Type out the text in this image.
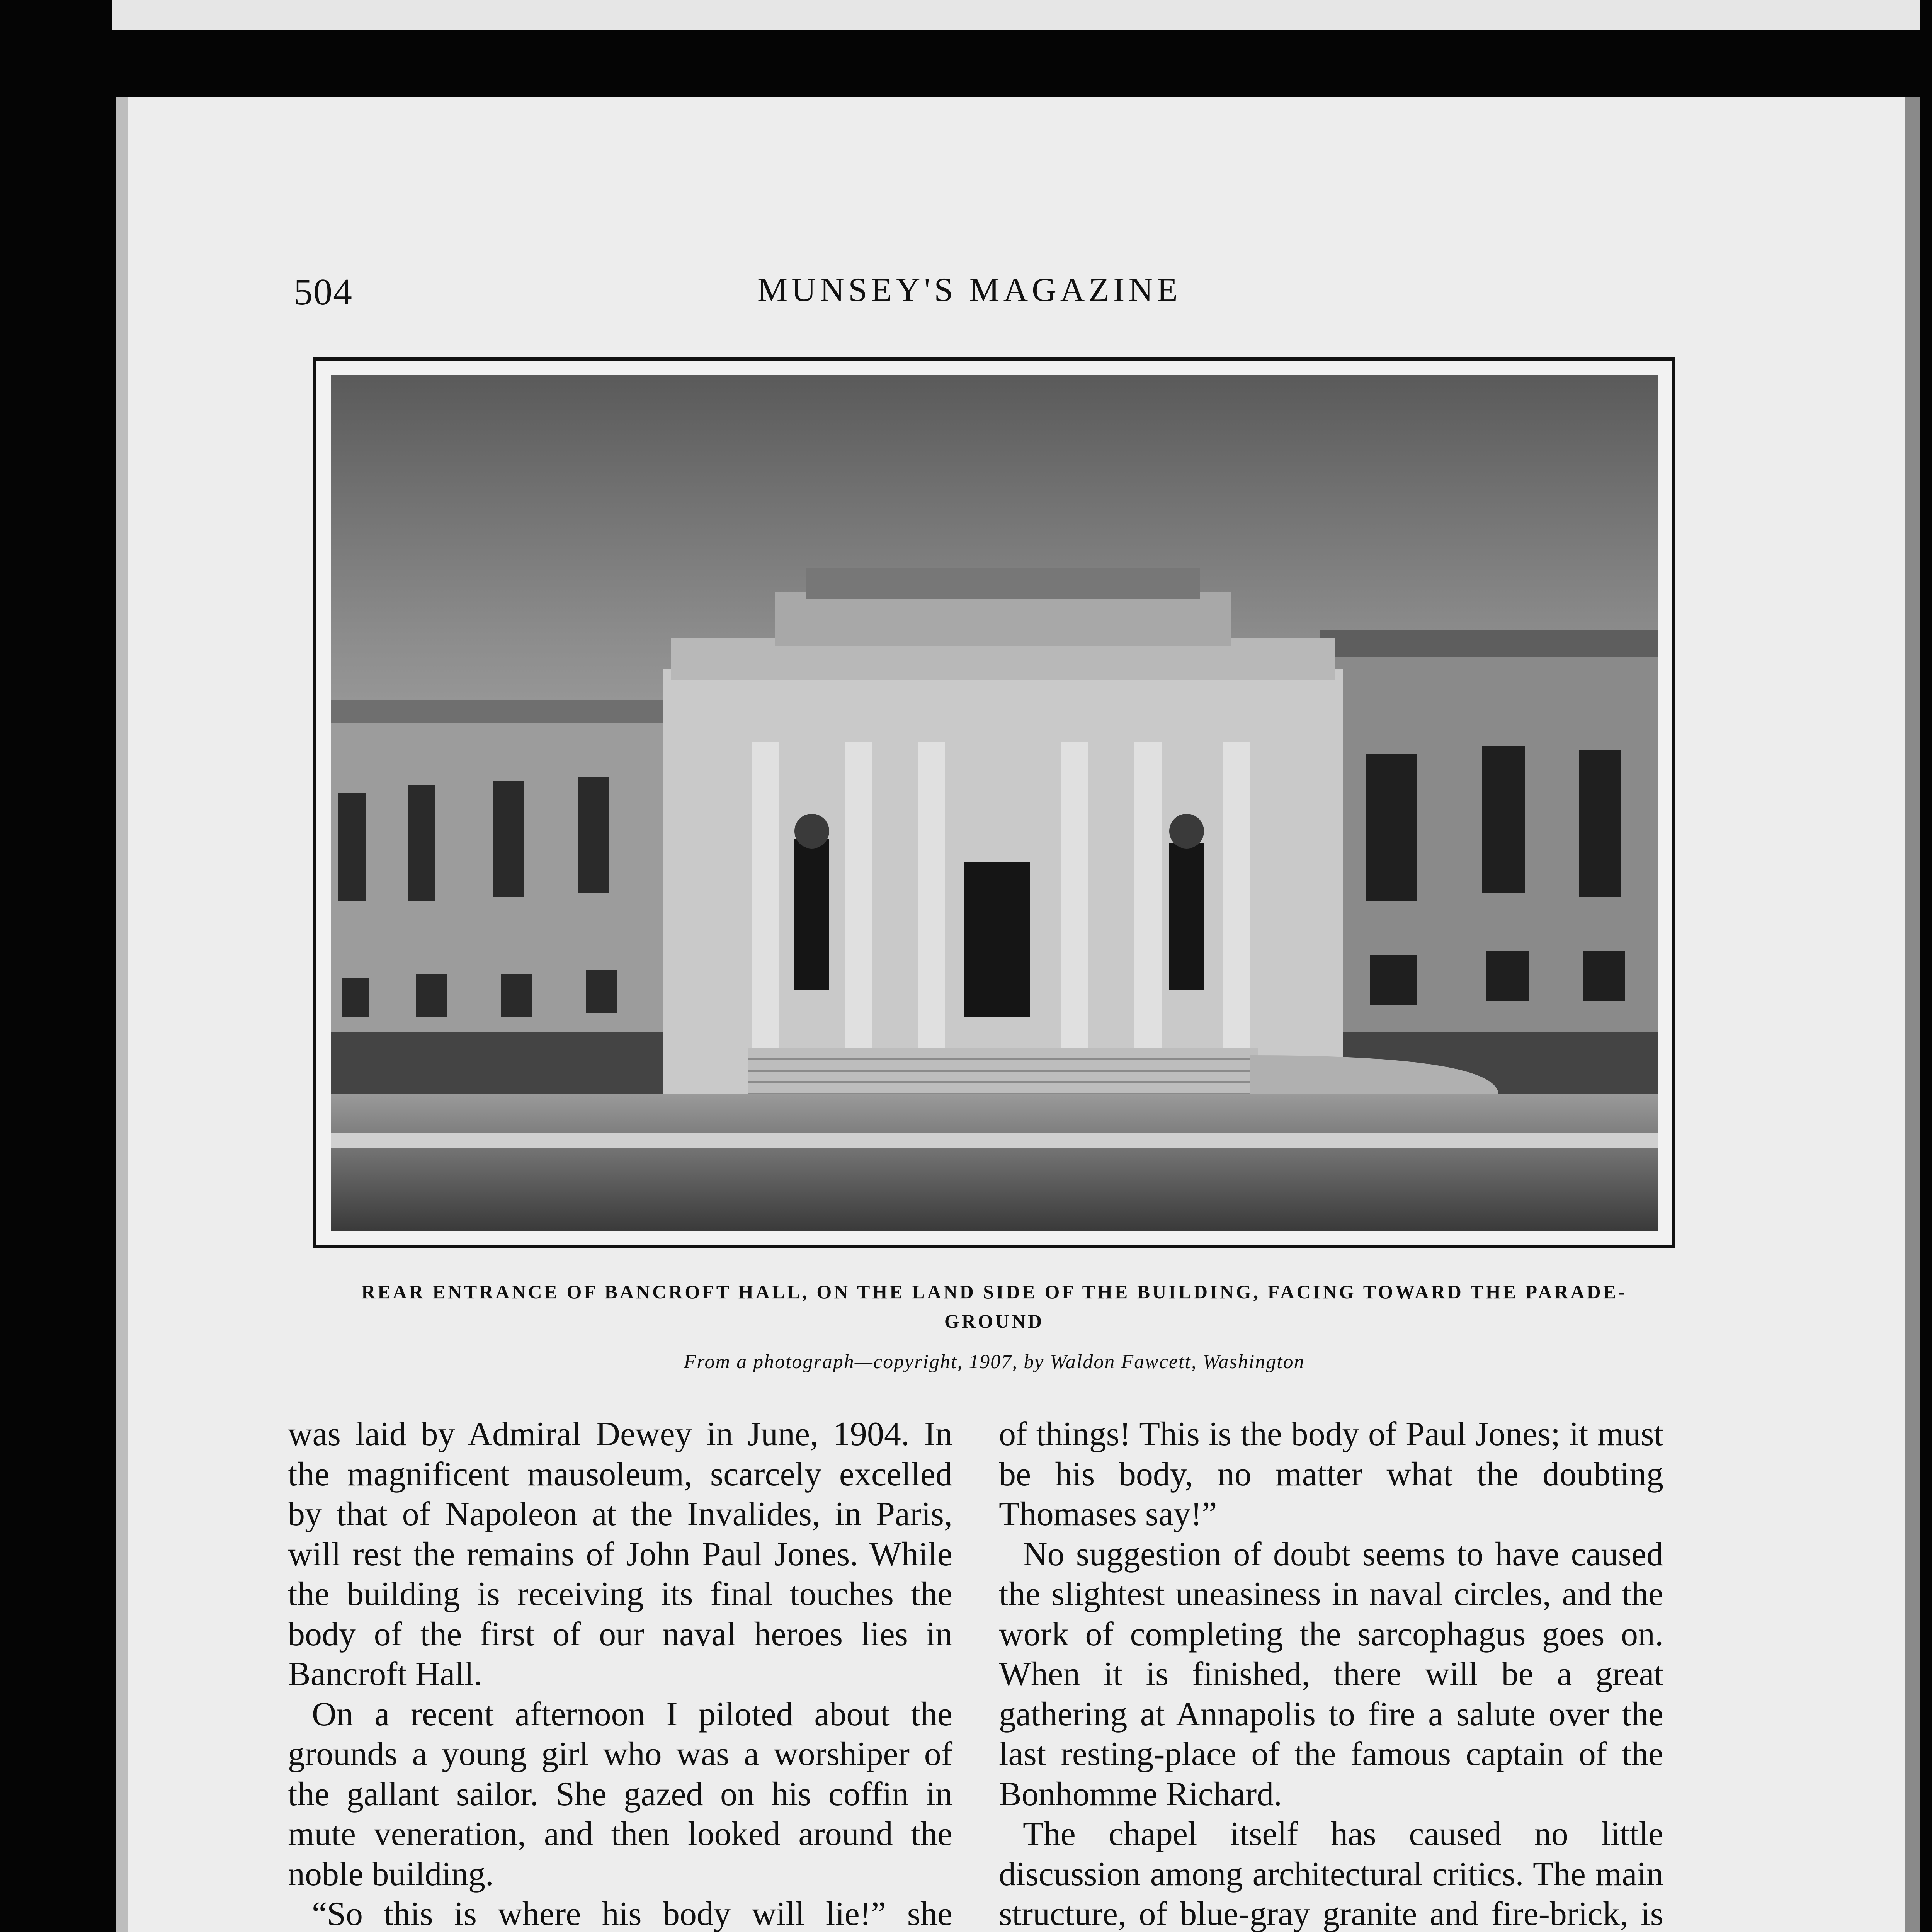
504	MUNSEY'S MAGAZINE

REAR ENTRANCE OF BANCROFT HALL, ON THE LAND SIDE OF THE BUILDING, FACING TOWARD THE PARADE-GROUND

From a photograph—copyright, 1907, by Waldon Fawcett, Washington

was laid by Admiral Dewey in June, 1904. In the magnificent mausoleum, scarcely excelled by that of Napoleon at the Invalides, in Paris, will rest the remains of John Paul Jones. While the building is receiving its final touches the body of the first of our naval heroes lies in Bancroft Hall.

On a recent afternoon I piloted about the grounds a young girl who was a worshiper of the gallant sailor. She gazed on his coffin in mute veneration, and then looked around the noble building.

“So this is where his body will lie!” she

of things! This is the body of Paul Jones; it must be his body, no matter what the doubting Thomases say!”

No suggestion of doubt seems to have caused the slightest uneasiness in naval circles, and the work of completing the sarcophagus goes on. When it is finished, there will be a great gathering at Annapolis to fire a salute over the last resting-place of the famous captain of the Bonhomme Richard.

The chapel itself has caused no little discussion among architectural critics. The main structure, of blue-gray granite and fire-brick, is
